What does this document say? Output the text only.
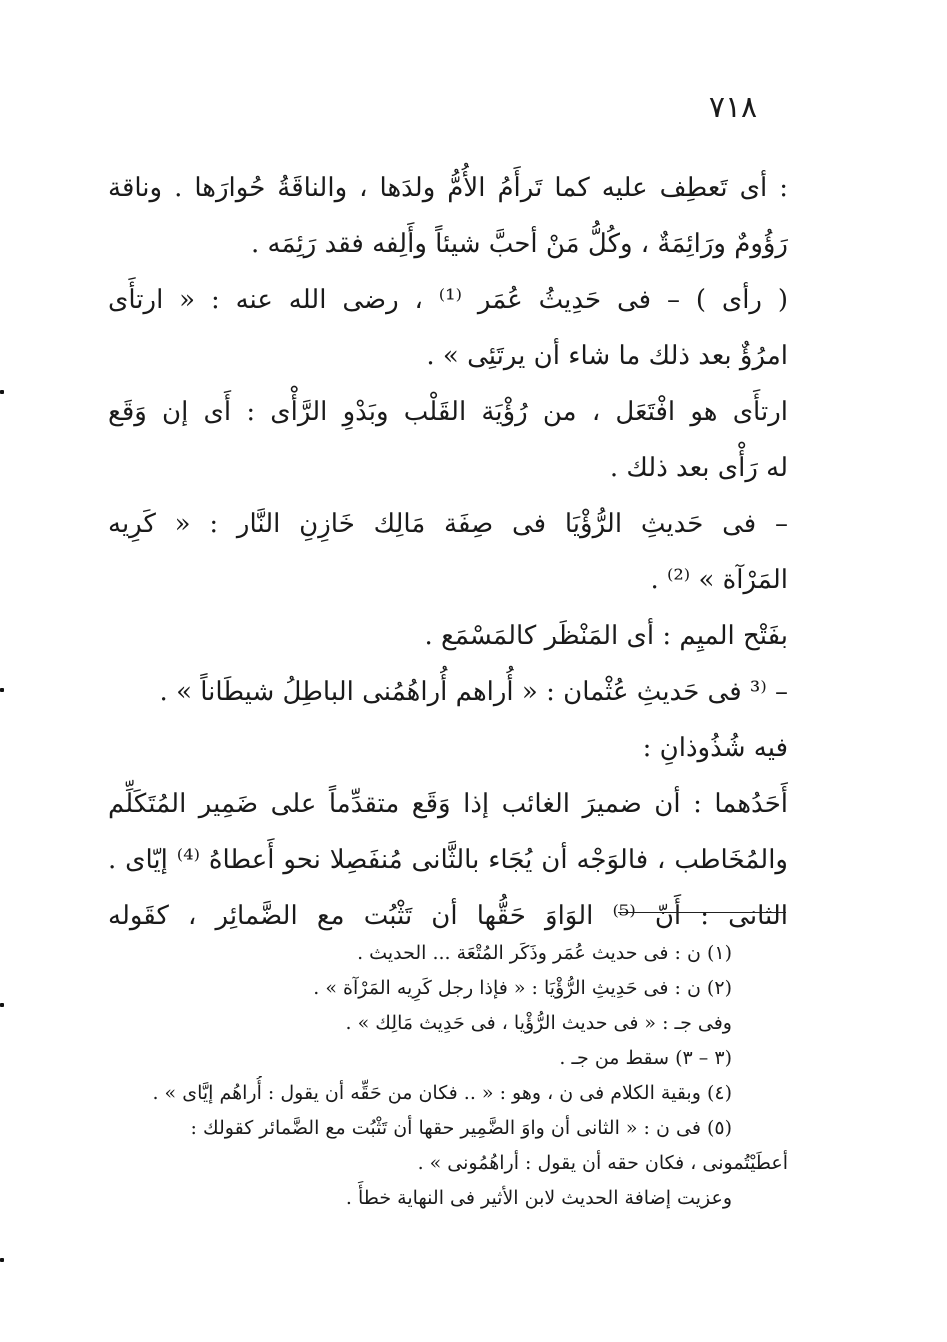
٧١٨
: أى تَعطِف عليه كما تَرأَمُ الأُمُّ ولدَها ، والناقَةُ حُوارَها . وناقة
رَؤُومٌ ورَائِمَةٌ ، وكُلُّ مَنْ أحبَّ شيئاً وأَلِفه فقد رَئِمَه .
( رأى ) – فى حَدِيثُ عُمَر ⁽¹⁾ ، رضى الله عنه : « ارتأَى
امرُؤٌ بعد ذلك ما شاء أن يرتَئِى » .
ارتأَى هو افْتَعَل ، من رُؤْيَة القَلْب وبَدْوِ الرَّأْى : أَى إن وَقَع
له رَأْى بعد ذلك .
– فى حَديثِ الرُّؤْيَا فى صِفَة مَالِك خَازِنِ النَّار : « كَرِيه
المَرْآة » ⁽²⁾ .
بفَتْح الميِم : أى المَنْظَر كالمَسْمَع .
– ⁽³ فى حَديثِ عُثْمان : « أُراهم أُراهُمُنى الباطِلُ شيطَاناً » .
فيه شُذُوذانِ :
أَحَدُهما : أن ضميرَ الغائب إذا وَقَع متقدِّماً على ضَمِير المُتَكَلِّم
والمُخَاطب ، فالوَجْه أن يُجَاء بالثَّانى مُنفَصِلا نحو أَعطاهُ ⁽⁴⁾ إيّاى .
الثانى : أَنّ ⁽⁵⁾ الوَاوَ حَقُّها أن تَثْبُت مع الضَّمائِر ، كقَوله
(١) ن : فى حديث عُمَر وذَكَر المُتْعَة ... الحديث .
(٢) ن : فى حَدِيثِ الرُّؤْيَا : « فإذا رجل كَرِيه المَرْآة » .
وفى جـ : « فى حديث الرُّؤْيا ، فى حَدِيث مَالِك » .
(٣ – ٣) سقط من جـ .
(٤) وبقية الكلام فى ن ، وهو : « .. فكان من حَقِّه أن يقول : أُراهُم إيَّاى » .
(٥) فى ن : « الثانى أن واوَ الضَّمِير حقها أن تَثْبُت مع الضَّمائر كقولك :
أعطَيْتُمونى ، فكان حقه أن يقول : أراهُمُونى » .
وعزيت إضافة الحديث لابن الأثير فى النهاية خطأً .
